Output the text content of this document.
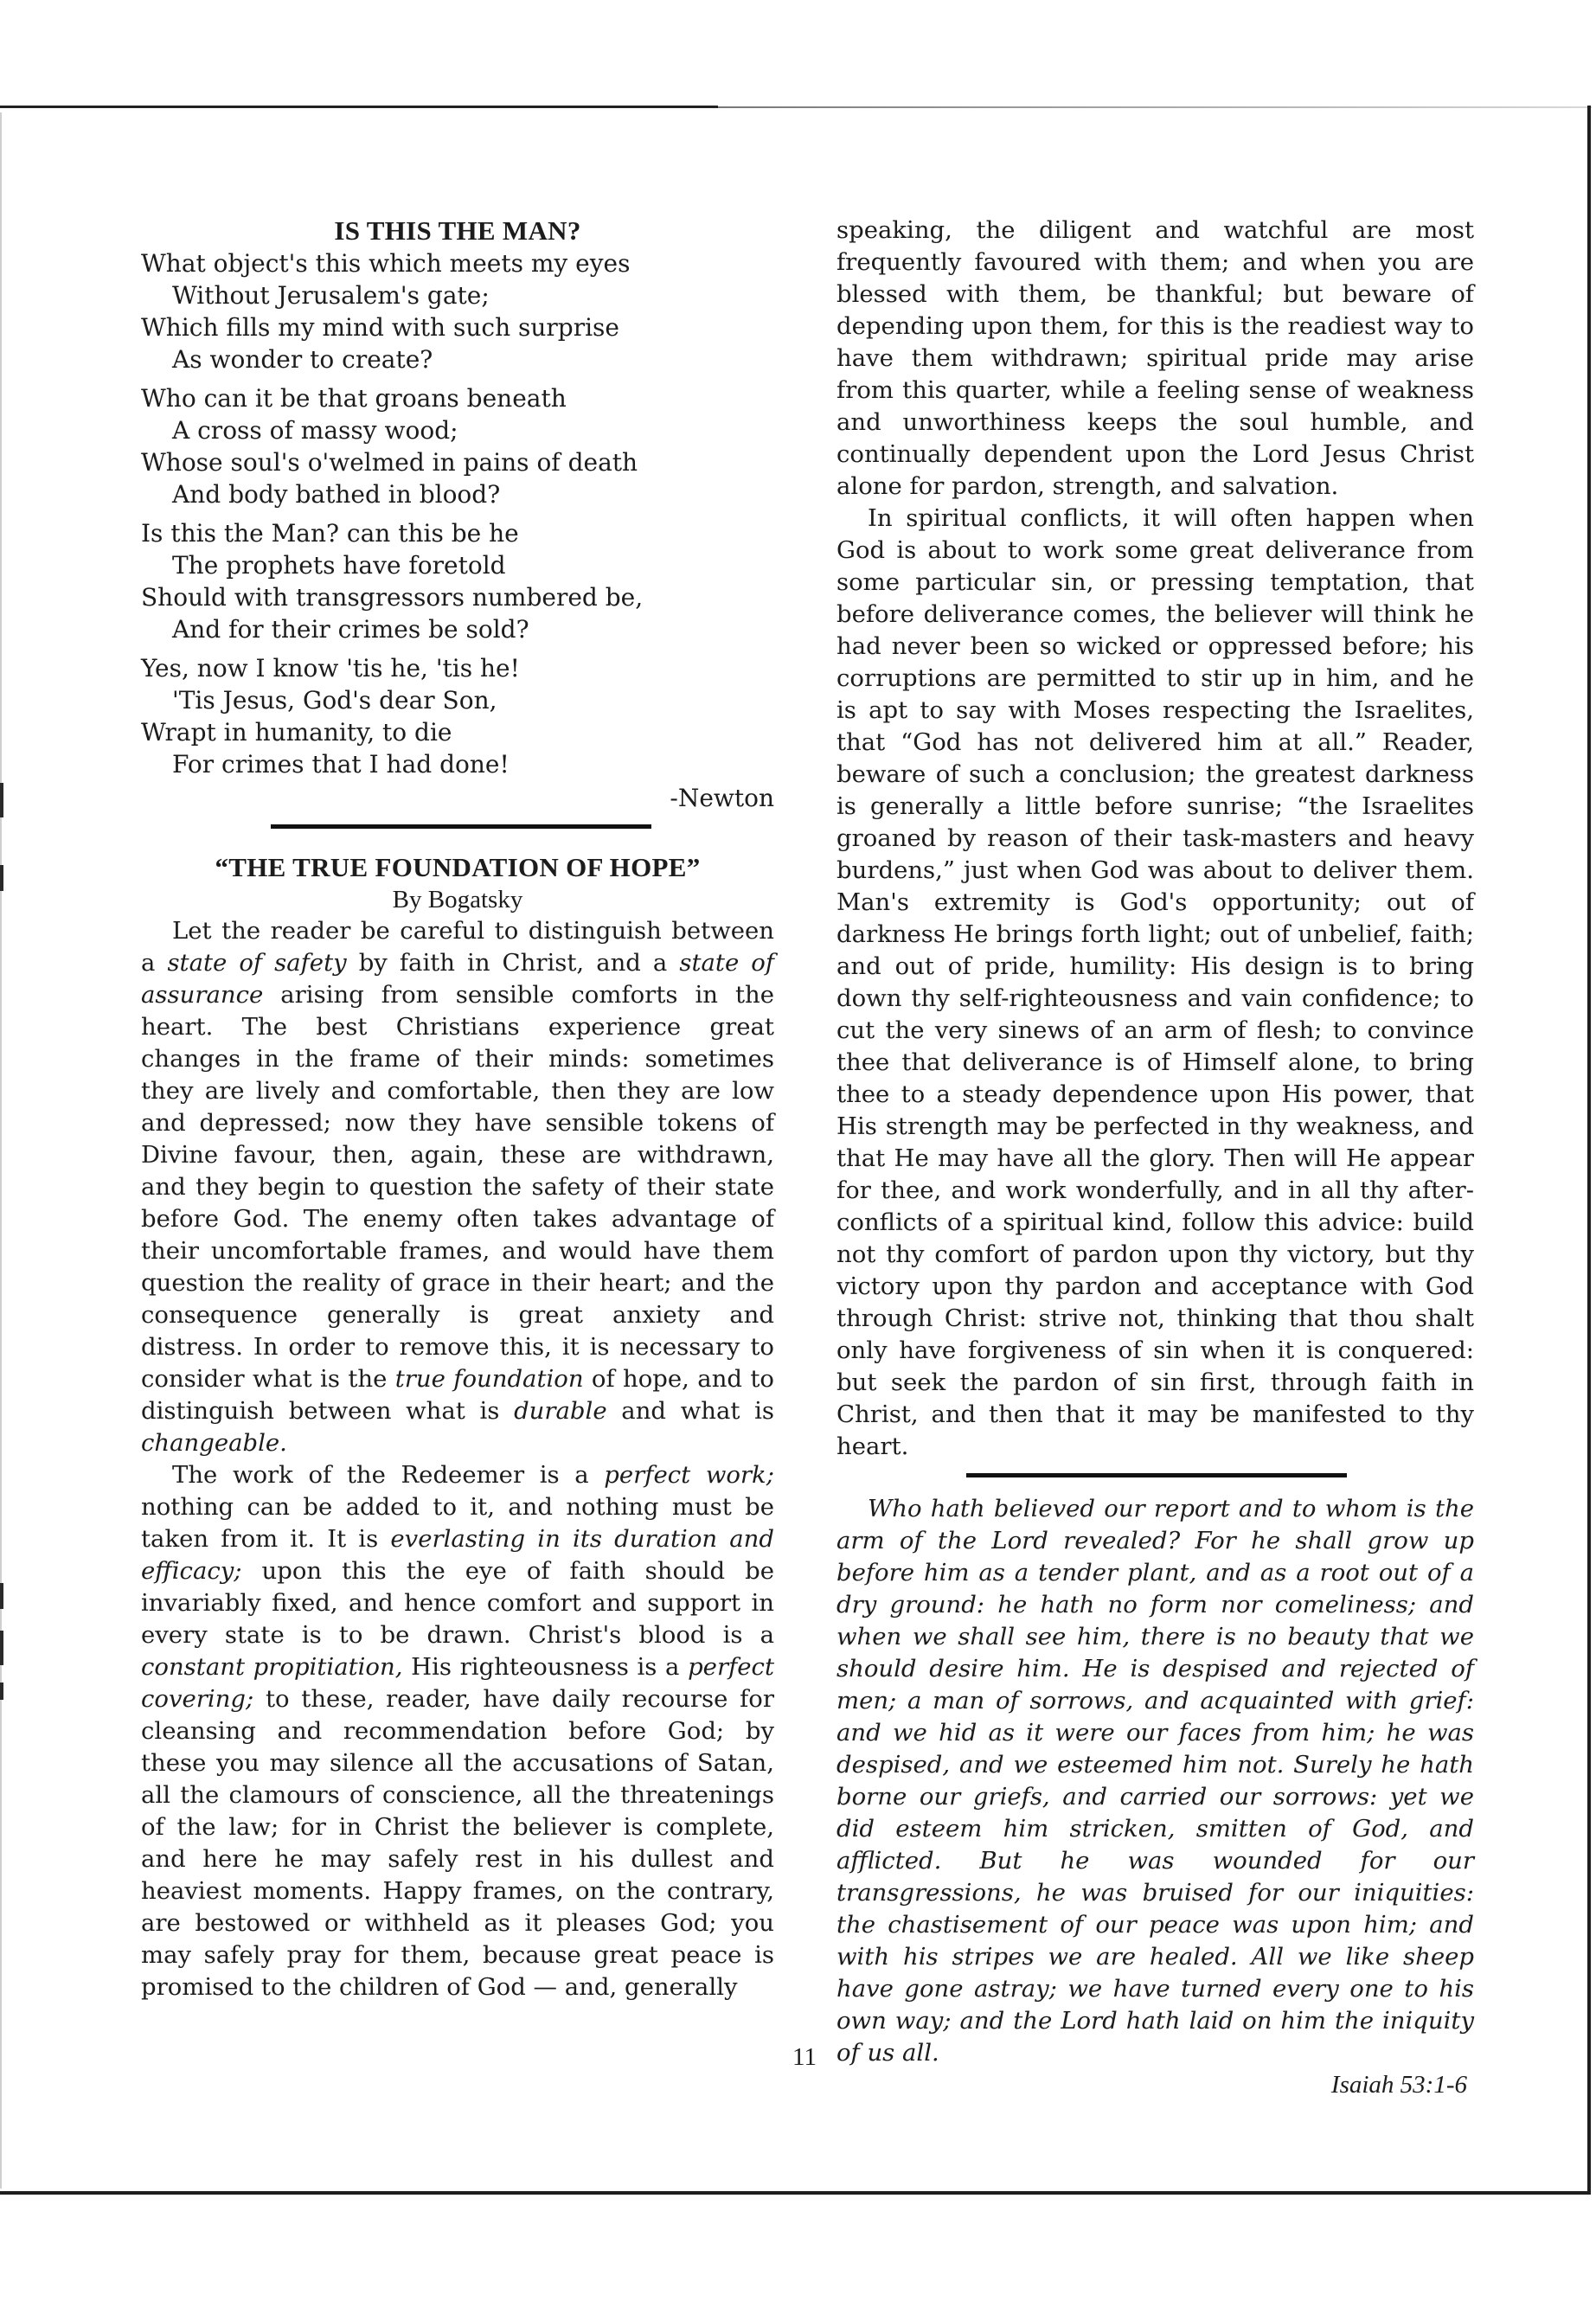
IS THIS THE MAN?
What object's this which meets my eyes
Without Jerusalem's gate;
Which fills my mind with such surprise
As wonder to create?
Who can it be that groans beneath
A cross of massy wood;
Whose soul's o'welmed in pains of death
And body bathed in blood?
Is this the Man? can this be he
The prophets have foretold
Should with transgressors numbered be,
And for their crimes be sold?
Yes, now I know 'tis he, 'tis he!
'Tis Jesus, God's dear Son,
Wrapt in humanity, to die
For crimes that I had done!
-Newton
“THE TRUE FOUNDATION OF HOPE”
By Bogatsky

Let the reader be careful to distinguish between a state of safety by faith in Christ, and a state of assurance arising from sensible comforts in the heart. The best Christians experience great changes in the frame of their minds: sometimes they are lively and comfortable, then they are low and depressed; now they have sensible tokens of Divine favour, then, again, these are withdrawn, and they begin to question the safety of their state before God. The enemy often takes advantage of their uncomfortable frames, and would have them question the reality of grace in their heart; and the consequence generally is great anxiety and distress. In order to remove this, it is necessary to consider what is the true foundation of hope, and to distinguish between what is durable and what is changeable.

The work of the Redeemer is a perfect work; nothing can be added to it, and nothing must be taken from it. It is everlasting in its duration and efficacy; upon this the eye of faith should be invariably fixed, and hence comfort and support in every state is to be drawn. Christ's blood is a constant propitiation, His righteousness is a perfect covering; to these, reader, have daily recourse for cleansing and recommendation before God; by these you may silence all the accusations of Satan, all the clamours of conscience, all the threatenings of the law; for in Christ the believer is complete, and here he may safely rest in his dullest and heaviest moments. Happy frames, on the contrary, are bestowed or withheld as it pleases God; you may safely pray for them, because great peace is promised to the children of God — and, generally

speaking, the diligent and watchful are most frequently favoured with them; and when you are blessed with them, be thankful; but beware of depending upon them, for this is the readiest way to have them withdrawn; spiritual pride may arise from this quarter, while a feeling sense of weakness and unworthiness keeps the soul humble, and continually dependent upon the Lord Jesus Christ alone for pardon, strength, and salvation.

In spiritual conflicts, it will often happen when God is about to work some great deliverance from some particular sin, or pressing temptation, that before deliverance comes, the believer will think he had never been so wicked or oppressed before; his corruptions are permitted to stir up in him, and he is apt to say with Moses respecting the Israelites, that “God has not delivered him at all.” Reader, beware of such a conclusion; the greatest darkness is generally a little before sunrise; “the Israelites groaned by reason of their task-masters and heavy burdens,” just when God was about to deliver them. Man's extremity is God's opportunity; out of darkness He brings forth light; out of unbelief, faith; and out of pride, humility: His design is to bring down thy self-righteousness and vain confidence; to cut the very sinews of an arm of flesh; to convince thee that deliverance is of Himself alone, to bring thee to a steady dependence upon His power, that His strength may be perfected in thy weakness, and that He may have all the glory. Then will He appear for thee, and work wonderfully, and in all thy after-conflicts of a spiritual kind, follow this advice: build not thy comfort of pardon upon thy victory, but thy victory upon thy pardon and acceptance with God through Christ: strive not, thinking that thou shalt only have forgiveness of sin when it is conquered: but seek the pardon of sin first, through faith in Christ, and then that it may be manifested to thy heart.

Who hath believed our report and to whom is the arm of the Lord revealed? For he shall grow up before him as a tender plant, and as a root out of a dry ground: he hath no form nor comeliness; and when we shall see him, there is no beauty that we should desire him. He is despised and rejected of men; a man of sorrows, and acquainted with grief: and we hid as it were our faces from him; he was despised, and we esteemed him not. Surely he hath borne our griefs, and carried our sorrows: yet we did esteem him stricken, smitten of God, and afflicted. But he was wounded for our transgressions, he was bruised for our iniquities: the chastisement of our peace was upon him; and with his stripes we are healed. All we like sheep have gone astray; we have turned every one to his own way; and the Lord hath laid on him the iniquity of us all.
Isaiah 53:1-6
11
